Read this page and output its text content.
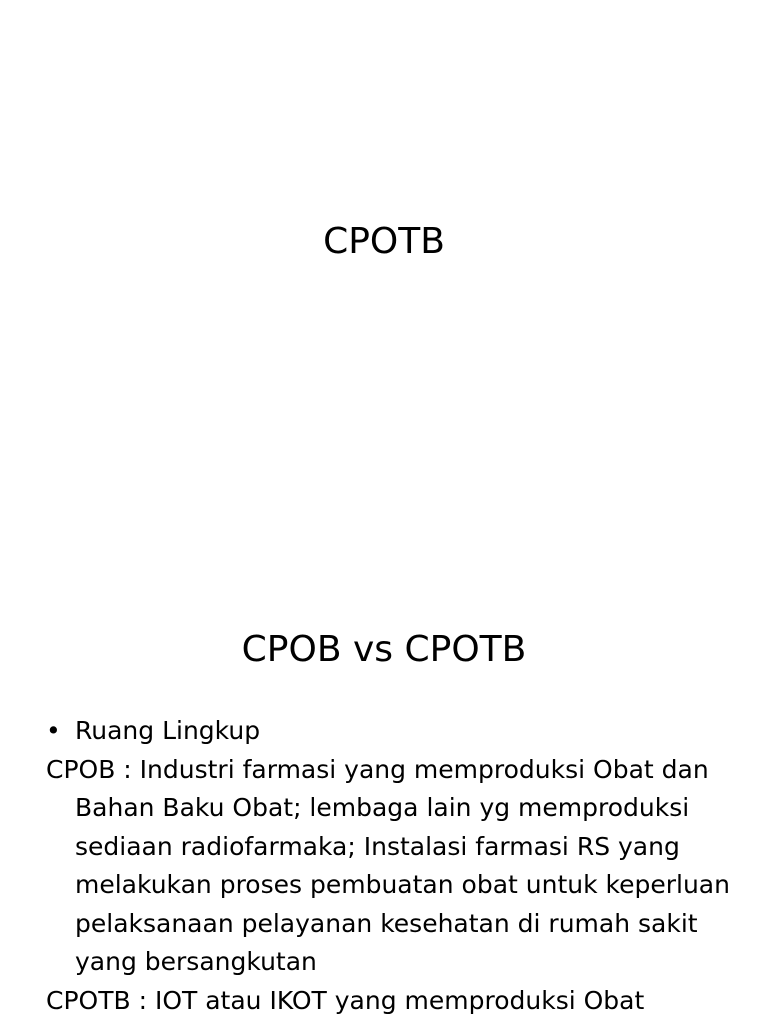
CPOTB
CPOB vs CPOTB
• Ruang Lingkup

CPOB : Industri farmasi yang memproduksi Obat dan Bahan Baku Obat; lembaga lain yg memproduksi sediaan radiofarmaka; Instalasi farmasi RS yang melakukan proses pembuatan obat untuk keperluan pelaksanaan pelayanan kesehatan di rumah sakit yang bersangkutan

CPOTB : IOT atau IKOT yang memproduksi Obat
